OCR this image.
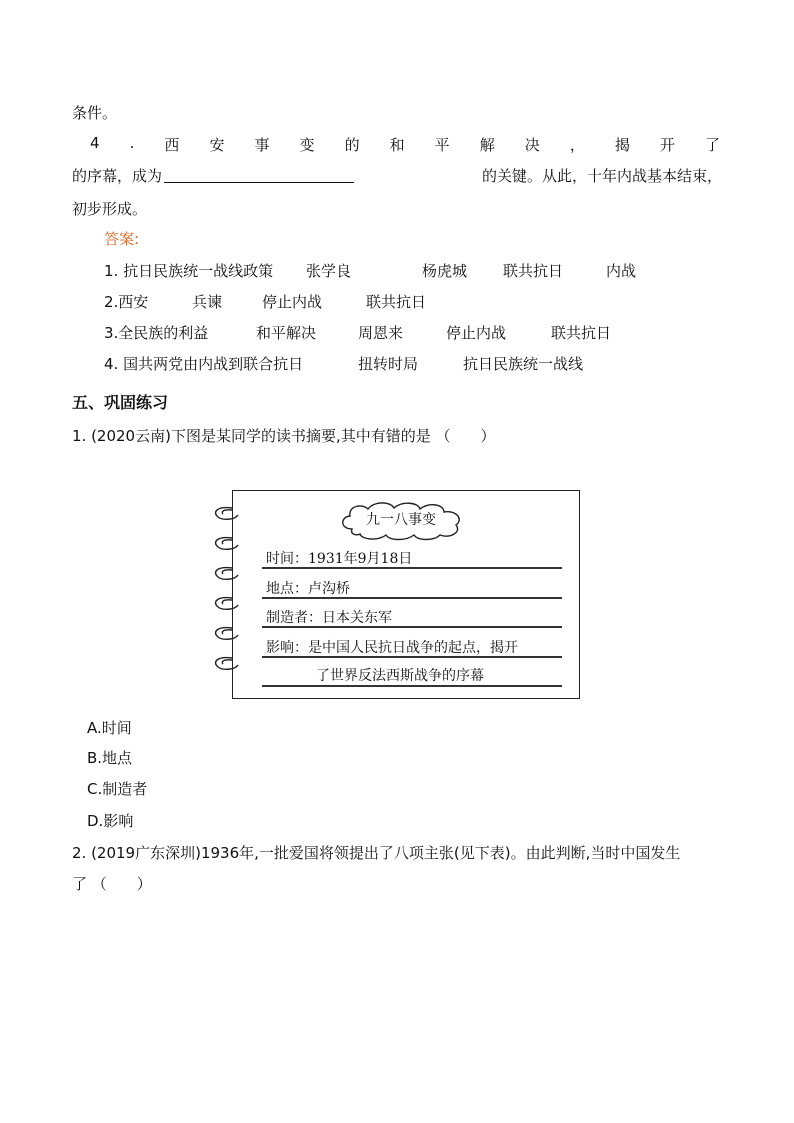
条件。
4 . 西 安 事 变 的 和 平 解 决 ， 揭 开 了
的序幕，成为	的关键。从此，十年内战基本结束，
初步形成。
答案:
1. 抗日民族统一战线政策 张学良	杨虎城 联共抗日	内战
2.西安	兵谏	停止内战	联共抗日
3.全民族的利益	和平解决	周恩来	停止内战	联共抗日
4. 国共两党由内战到联合抗日	扭转时局	抗日民族统一战线
五、巩固练习
1. (2020云南)下图是某同学的读书摘要,其中有错的是 （　　）
九一八事变
时间：1931年9月18日
地点：卢沟桥
制造者：日本关东军
影响：是中国人民抗日战争的起点，揭开
了世界反法西斯战争的序幕
A.时间
B.地点
C.制造者
D.影响
2. (2019广东深圳)1936年,一批爱国将领提出了八项主张(见下表)。由此判断,当时中国发生
了 （　　）
